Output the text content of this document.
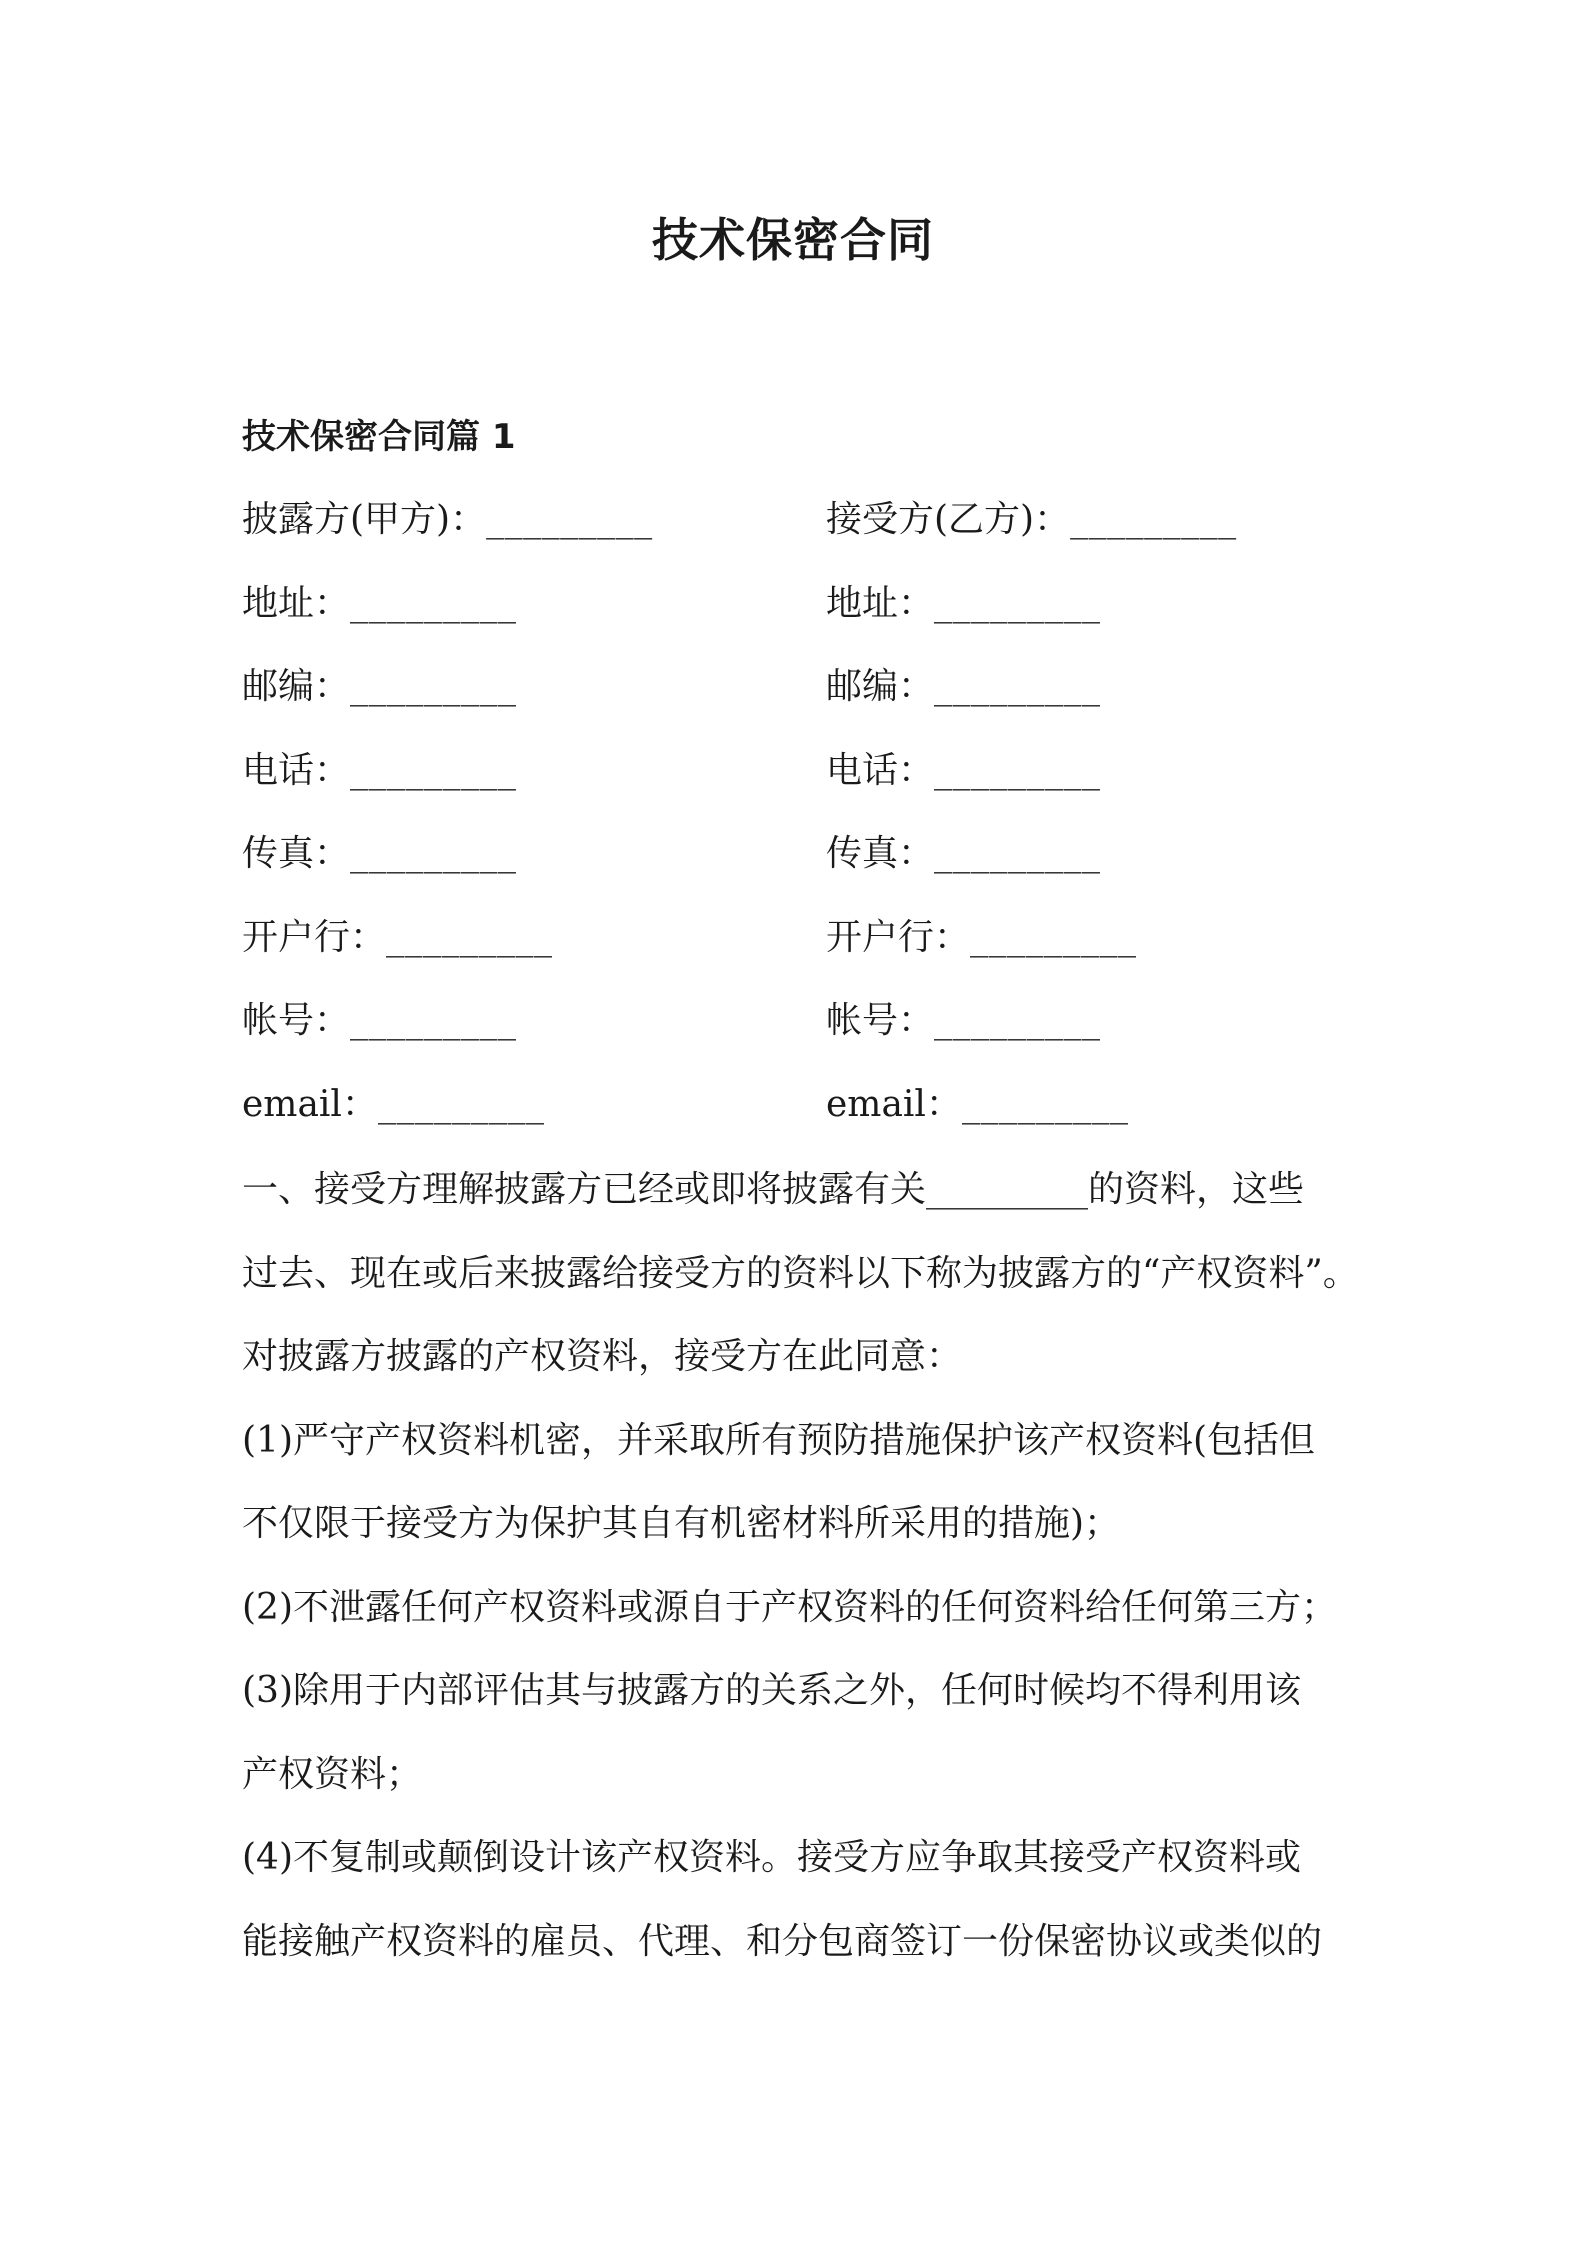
技术保密合同
技术保密合同篇 1
披露方(甲方)：_________	接受方(乙方)：_________
地址：_________	地址：_________
邮编：_________	邮编：_________
电话：_________	电话：_________
传真：_________	传真：_________
开户行：_________	开户行：_________
帐号：_________	帐号：_________
email：_________	email：_________
一、接受方理解披露方已经或即将披露有关_________的资料，这些
过去、现在或后来披露给接受方的资料以下称为披露方的“产权资料”。
对披露方披露的产权资料，接受方在此同意：
(1)严守产权资料机密，并采取所有预防措施保护该产权资料(包括但
不仅限于接受方为保护其自有机密材料所采用的措施)；
(2)不泄露任何产权资料或源自于产权资料的任何资料给任何第三方；
(3)除用于内部评估其与披露方的关系之外，任何时候均不得利用该
产权资料；
(4)不复制或颠倒设计该产权资料。接受方应争取其接受产权资料或
能接触产权资料的雇员、代理、和分包商签订一份保密协议或类似的
